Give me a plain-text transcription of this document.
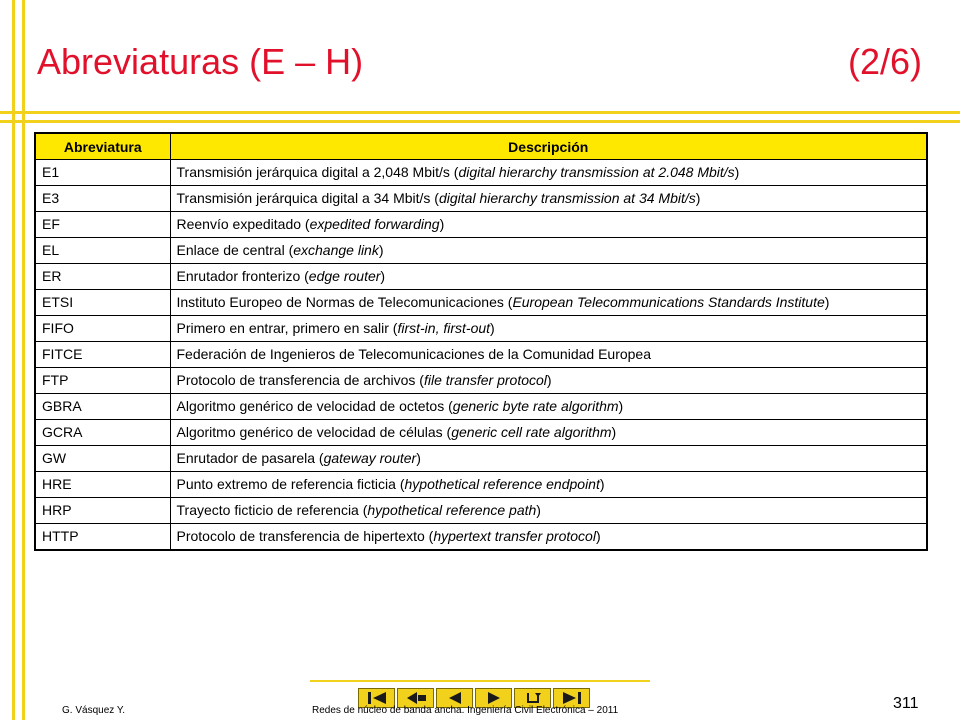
Abreviaturas (E – H)	(2/6)
Abreviatura	Descripción
E1	Transmisión jerárquica digital a 2,048 Mbit/s (digital hierarchy transmission at 2.048 Mbit/s)
E3	Transmisión jerárquica digital a 34 Mbit/s (digital hierarchy transmission at 34 Mbit/s)
EF	Reenvío expeditado (expedited forwarding)
EL	Enlace de central (exchange link)
ER	Enrutador fronterizo (edge router)
ETSI	Instituto Europeo de Normas de Telecomunicaciones (European Telecommunications Standards Institute)
FIFO	Primero en entrar, primero en salir (first-in, first-out)
FITCE	Federación de Ingenieros de Telecomunicaciones de la Comunidad Europea
FTP	Protocolo de transferencia de archivos (file transfer protocol)
GBRA	Algoritmo genérico de velocidad de octetos (generic byte rate algorithm)
GCRA	Algoritmo genérico de velocidad de células (generic cell rate algorithm)
GW	Enrutador de pasarela (gateway router)
HRE	Punto extremo de referencia ficticia (hypothetical reference endpoint)
HRP	Trayecto ficticio de referencia (hypothetical reference path)
HTTP	Protocolo de transferencia de hipertexto (hypertext transfer protocol)
G. Vásquez Y.	Redes de núcleo de banda ancha. Ingeniería Civil Electrónica – 2011	311
